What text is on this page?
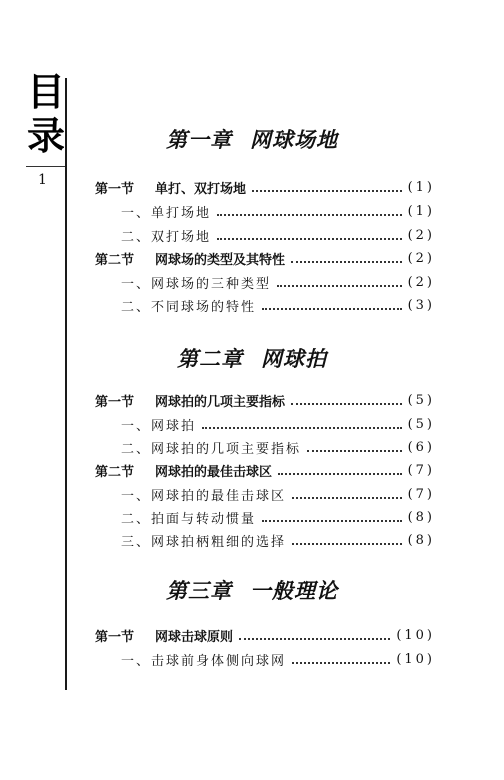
目
录
1
第一章 网球场地
第一节	单打、双打场地	(1)
一、单打场地	(1)
二、双打场地	(2)
第二节	网球场的类型及其特性	(2)
一、网球场的三种类型	(2)
二、不同球场的特性	(3)
第二章 网球拍
第一节	网球拍的几项主要指标	(5)
一、网球拍	(5)
二、网球拍的几项主要指标	(6)
第二节	网球拍的最佳击球区	(7)
一、网球拍的最佳击球区	(7)
二、拍面与转动惯量	(8)
三、网球拍柄粗细的选择	(8)
第三章 一般理论
第一节	网球击球原则	(10)
一、击球前身体侧向球网	(10)
